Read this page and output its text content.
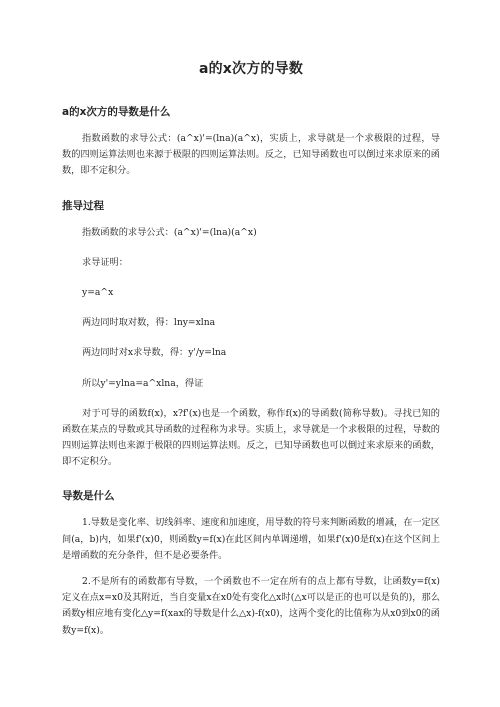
a的x次方的导数
a的x次方的导数是什么
指数函数的求导公式：(a^x)'=(lna)(a^x)，实质上，求导就是一个求极限的过程，导数的四则运算法则也来源于极限的四则运算法则。反之，已知导函数也可以倒过来求原来的函数，即不定积分。
推导过程
指数函数的求导公式：(a^x)'=(lna)(a^x)
求导证明：
y=a^x
两边同时取对数，得：lny=xlna
两边同时对x求导数，得：y'/y=lna
所以y'=ylna=a^xlna，得证
对于可导的函数f(x)，x?f'(x)也是一个函数，称作f(x)的导函数(简称导数)。寻找已知的函数在某点的导数或其导函数的过程称为求导。实质上，求导就是一个求极限的过程，导数的四则运算法则也来源于极限的四则运算法则。反之，已知导函数也可以倒过来求原来的函数，即不定积分。
导数是什么
1.导数是变化率、切线斜率、速度和加速度，用导数的符号来判断函数的增减，在一定区间(a，b)内，如果f'(x)0，则函数y=f(x)在此区间内单调递增，如果f'(x)0是f(x)在这个区间上是增函数的充分条件，但不是必要条件。
2.不是所有的函数都有导数，一个函数也不一定在所有的点上都有导数，让函数y=f(x)定义在点x=x0及其附近，当自变量x在x0处有变化△x时(△x可以是正的也可以是负的)，那么函数y相应地有变化△y=f(xax的导数是什么△x)-f(x0)，这两个变化的比值称为从x0到x0的函数y=f(x)。
